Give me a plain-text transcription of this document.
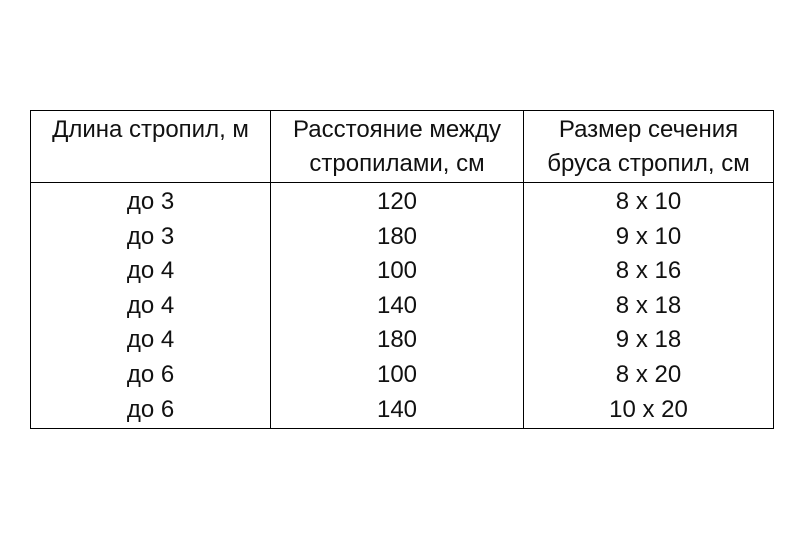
Длина стропил, м	Расстояние между стропилами, см	Размер сечения бруса стропил, см
до 3	120	8 х 10
до 3	180	9 х 10
до 4	100	8 х 16
до 4	140	8 х 18
до 4	180	9 х 18
до 6	100	8 х 20
до 6	140	10 х 20
